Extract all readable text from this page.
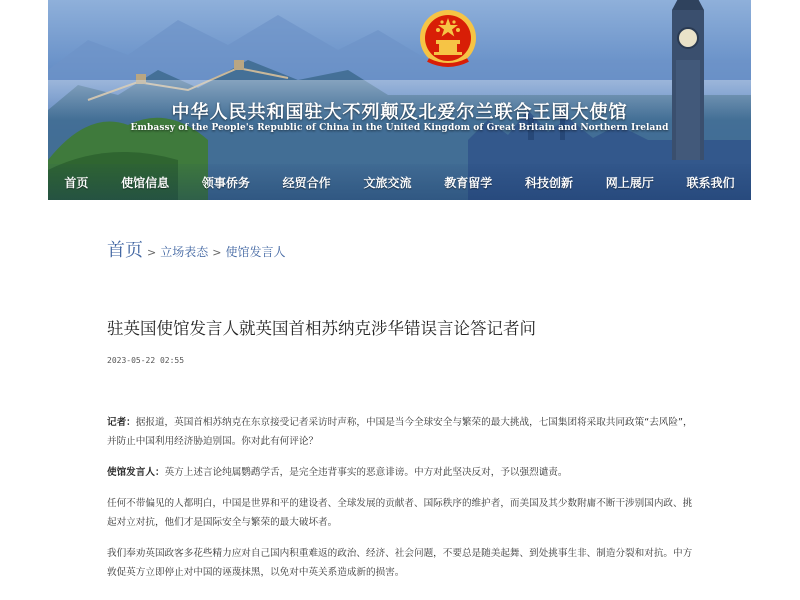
中华人民共和国驻大不列颠及北爱尔兰联合王国大使馆
Embassy of the People's Republic of China in the United Kingdom of Great Britain and Northern Ireland
首页	使馆信息	领事侨务	经贸合作	文旅交流	教育留学	科技创新	网上展厅	联系我们
首页 > 立场表态 > 使馆发言人
驻英国使馆发言人就英国首相苏纳克涉华错误言论答记者问
2023-05-22 02:55

记者：据报道，英国首相苏纳克在东京接受记者采访时声称，中国是当今全球安全与繁荣的最大挑战，七国集团将采取共同政策“去风险”，并防止中国利用经济胁迫别国。你对此有何评论？

使馆发言人：英方上述言论纯属鹦鹉学舌，是完全违背事实的恶意诽谤。中方对此坚决反对，予以强烈谴责。

任何不带偏见的人都明白，中国是世界和平的建设者、全球发展的贡献者、国际秩序的维护者，而美国及其少数附庸不断干涉别国内政、挑起对立对抗，他们才是国际安全与繁荣的最大破坏者。

我们奉劝英国政客多花些精力应对自己国内积重难返的政治、经济、社会问题，不要总是随美起舞、到处挑事生非、制造分裂和对抗。中方敦促英方立即停止对中国的诬蔑抹黑，以免对中英关系造成新的损害。
